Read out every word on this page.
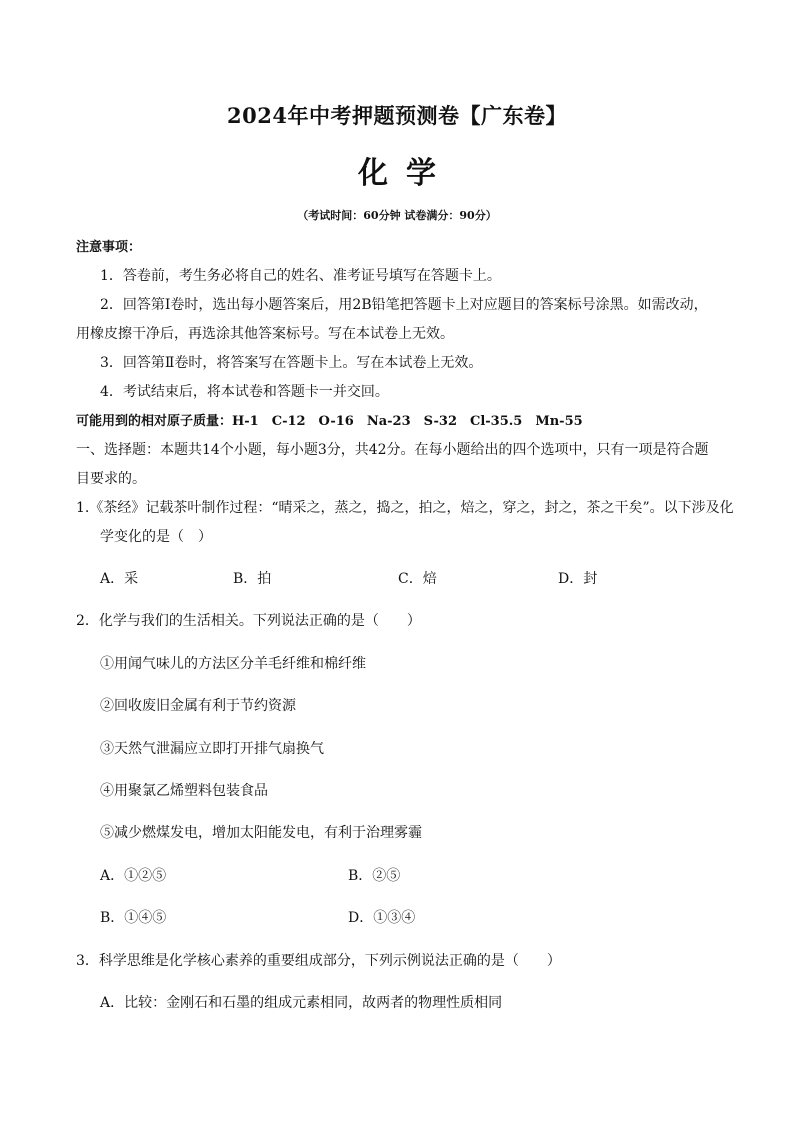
2024年中考押题预测卷【广东卷】
化学
（考试时间：60分钟 试卷满分：90分）
注意事项：
1．答卷前，考生务必将自己的姓名、准考证号填写在答题卡上。
2．回答第Ⅰ卷时，选出每小题答案后，用2B铅笔把答题卡上对应题目的答案标号涂黑。如需改动，
用橡皮擦干净后，再选涂其他答案标号。写在本试卷上无效。
3．回答第Ⅱ卷时，将答案写在答题卡上。写在本试卷上无效。
4．考试结束后，将本试卷和答题卡一并交回。
可能用到的相对原子质量：H-1　C-12　O-16　Na-23　S-32　Cl-35.5　Mn-55
一、选择题：本题共14个小题，每小题3分，共42分。在每小题给出的四个选项中，只有一项是符合题
目要求的。
1.《茶经》记载茶叶制作过程：“晴采之，蒸之，捣之，拍之，焙之，穿之，封之，茶之干矣”。以下涉及化
学变化的是（　）
A．采	B．拍	C．焙	D．封
2．化学与我们的生活相关。下列说法正确的是（　　）
①用闻气味儿的方法区分羊毛纤维和棉纤维
②回收废旧金属有利于节约资源
③天然气泄漏应立即打开排气扇换气
④用聚氯乙烯塑料包装食品
⑤减少燃煤发电，增加太阳能发电，有利于治理雾霾
A．①②⑤	B．②⑤
B．①④⑤	D．①③④
3．科学思维是化学核心素养的重要组成部分，下列示例说法正确的是（　　）
A．比较：金刚石和石墨的组成元素相同，故两者的物理性质相同
